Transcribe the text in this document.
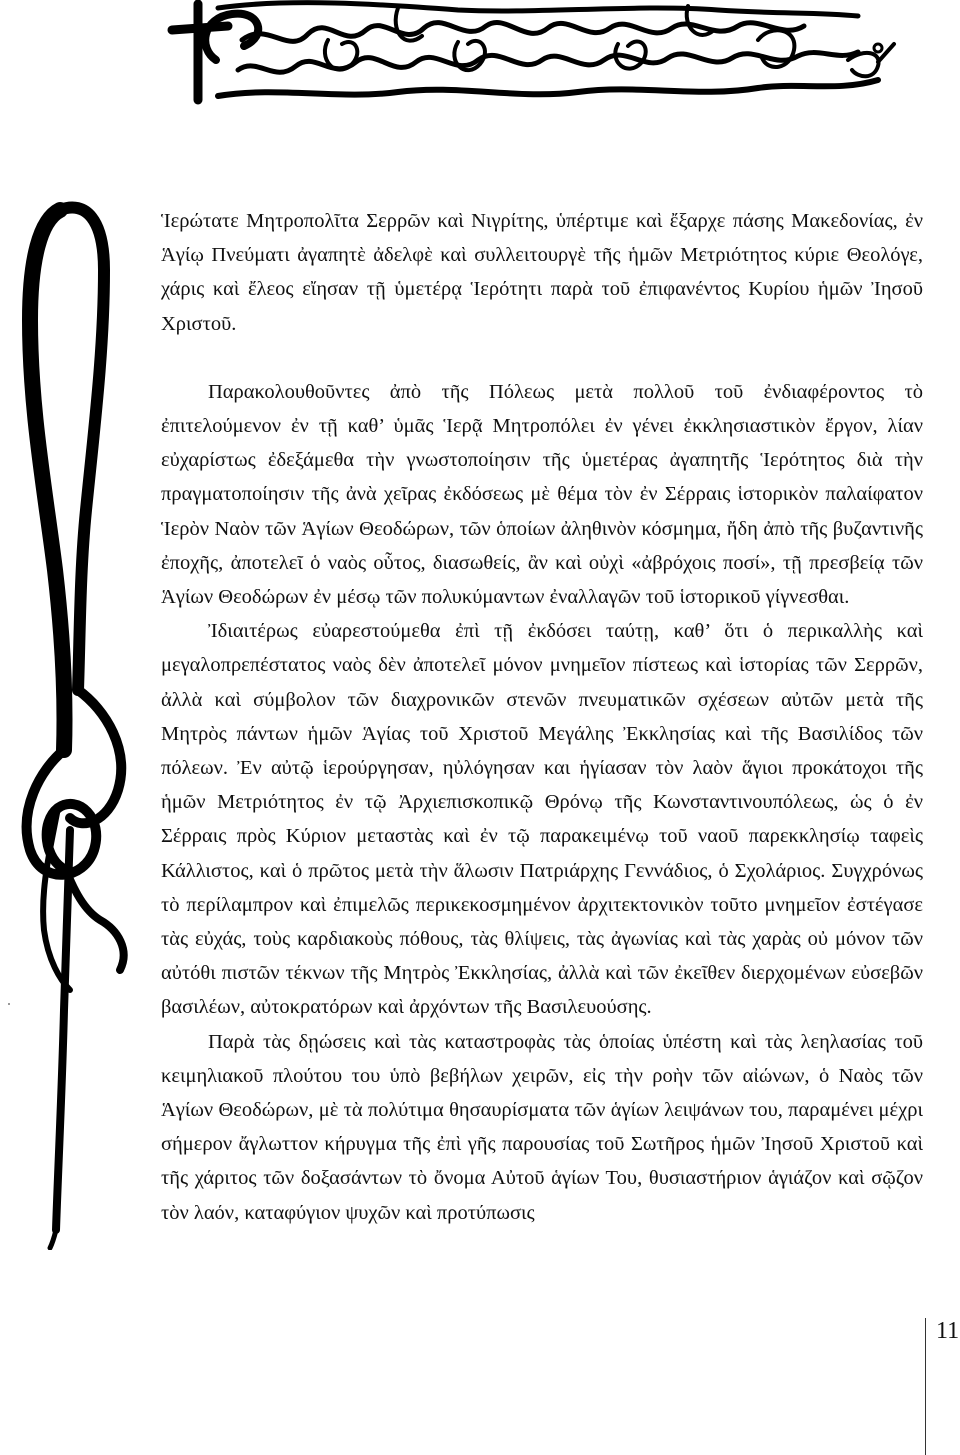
Ἱερώτατε Μητροπολῖτα Σερρῶν καὶ Νιγρίτης, ὑπέρτιμε καὶ ἔξαρχε πάσης Μακεδονίας, ἐν Ἁγίῳ Πνεύματι ἀγαπητὲ ἀδελφὲ καὶ συλλειτουργὲ τῆς ἡμῶν Μετριότητος κύριε Θεολόγε, χάρις καὶ ἔλεος εἴησαν τῇ ὑμετέρᾳ Ἱερότητι παρὰ τοῦ ἐπιφανέντος Κυρίου ἡμῶν Ἰησοῦ Χριστοῦ.

Παρακολουθοῦντες ἀπὸ τῆς Πόλεως μετὰ πολλοῦ τοῦ ἐνδιαφέροντος τὸ ἐπιτελούμενον ἐν τῇ καθ’ ὑμᾶς Ἱερᾷ Μητροπόλει ἐν γένει ἐκκλησιαστικὸν ἔργον, λίαν εὐχαρίστως ἐδεξάμεθα τὴν γνωστοποίησιν τῆς ὑμετέρας ἀγαπητῆς Ἱερότητος διὰ τὴν πραγματοποίησιν τῆς ἀνὰ χεῖρας ἐκδόσεως μὲ θέμα τὸν ἐν Σέρραις ἱστορικὸν παλαίφατον Ἱερὸν Ναὸν τῶν Ἁγίων Θεοδώρων, τῶν ὁποίων ἀληθινὸν κόσμημα, ἤδη ἀπὸ τῆς βυζαντινῆς ἐποχῆς, ἀποτελεῖ ὁ ναὸς οὗτος, διασωθείς, ἂν καὶ οὐχὶ «ἀβρόχοις ποσί», τῇ πρεσβείᾳ τῶν Ἁγίων Θεοδώρων ἐν μέσῳ τῶν πολυκύμαντων ἐναλλαγῶν τοῦ ἱστορικοῦ γίγνεσθαι.

Ἰδιαιτέρως εὐαρεστούμεθα ἐπὶ τῇ ἐκδόσει ταύτῃ, καθ’ ὅτι ὁ περικαλλὴς καὶ μεγαλοπρεπέστατος ναὸς δὲν ἀποτελεῖ μόνον μνημεῖον πίστεως καὶ ἱστορίας τῶν Σερρῶν, ἀλλὰ καὶ σύμβολον τῶν διαχρονικῶν στενῶν πνευματικῶν σχέσεων αὐτῶν μετὰ τῆς Μητρὸς πάντων ἡμῶν Ἁγίας τοῦ Χριστοῦ Μεγάλης Ἐκκλησίας καὶ τῆς Βασιλίδος τῶν πόλεων. Ἐν αὐτῷ ἱερούργησαν, ηὐλόγησαν και ἡγίασαν τὸν λαὸν ἅγιοι προκάτοχοι τῆς ἡμῶν Μετριότητος ἐν τῷ Ἀρχιεπισκοπικῷ Θρόνῳ τῆς Κωνσταντινουπόλεως, ὡς ὁ ἐν Σέρραις πρὸς Κύριον μεταστὰς καὶ ἐν τῷ παρακειμένῳ τοῦ ναοῦ παρεκκλησίῳ ταφεὶς Κάλλιστος, καὶ ὁ πρῶτος μετὰ τὴν ἅλωσιν Πατριάρχης Γεννάδιος, ὁ Σχολάριος. Συγχρόνως τὸ περίλαμπρον καὶ ἐπιμελῶς περικεκοσμημένον ἀρχιτεκτονικὸν τοῦτο μνημεῖον ἐστέγασε τὰς εὐχάς, τοὺς καρδιακοὺς πόθους, τὰς θλίψεις, τὰς ἀγωνίας καὶ τὰς χαρὰς οὐ μόνον τῶν αὐτόθι πιστῶν τέκνων τῆς Μητρὸς Ἐκκλησίας, ἀλλὰ καὶ τῶν ἐκεῖθεν διερχομένων εὐσεβῶν βασιλέων, αὐτοκρατόρων καὶ ἀρχόντων τῆς Βασιλευούσης.

Παρὰ τὰς δῃώσεις καὶ τὰς καταστροφὰς τὰς ὁποίας ὑπέστη καὶ τὰς λεηλασίας τοῦ κειμηλιακοῦ πλούτου του ὑπὸ βεβήλων χειρῶν, εἰς τὴν ροὴν τῶν αἰώνων, ὁ Ναὸς τῶν Ἁγίων Θεοδώρων, μὲ τὰ πολύτιμα θησαυρίσματα τῶν ἁγίων λειψάνων του, παραμένει μέχρι σήμερον ἄγλωττον κήρυγμα τῆς ἐπὶ γῆς παρουσίας τοῦ Σωτῆρος ἡμῶν Ἰησοῦ Χριστοῦ καὶ τῆς χάριτος τῶν δοξασάντων τὸ ὄνομα Αὐτοῦ ἁγίων Του, θυσιαστήριον ἁγιάζον καὶ σῷζον τὸν λαόν, καταφύγιον ψυχῶν καὶ προτύπωσις

11
